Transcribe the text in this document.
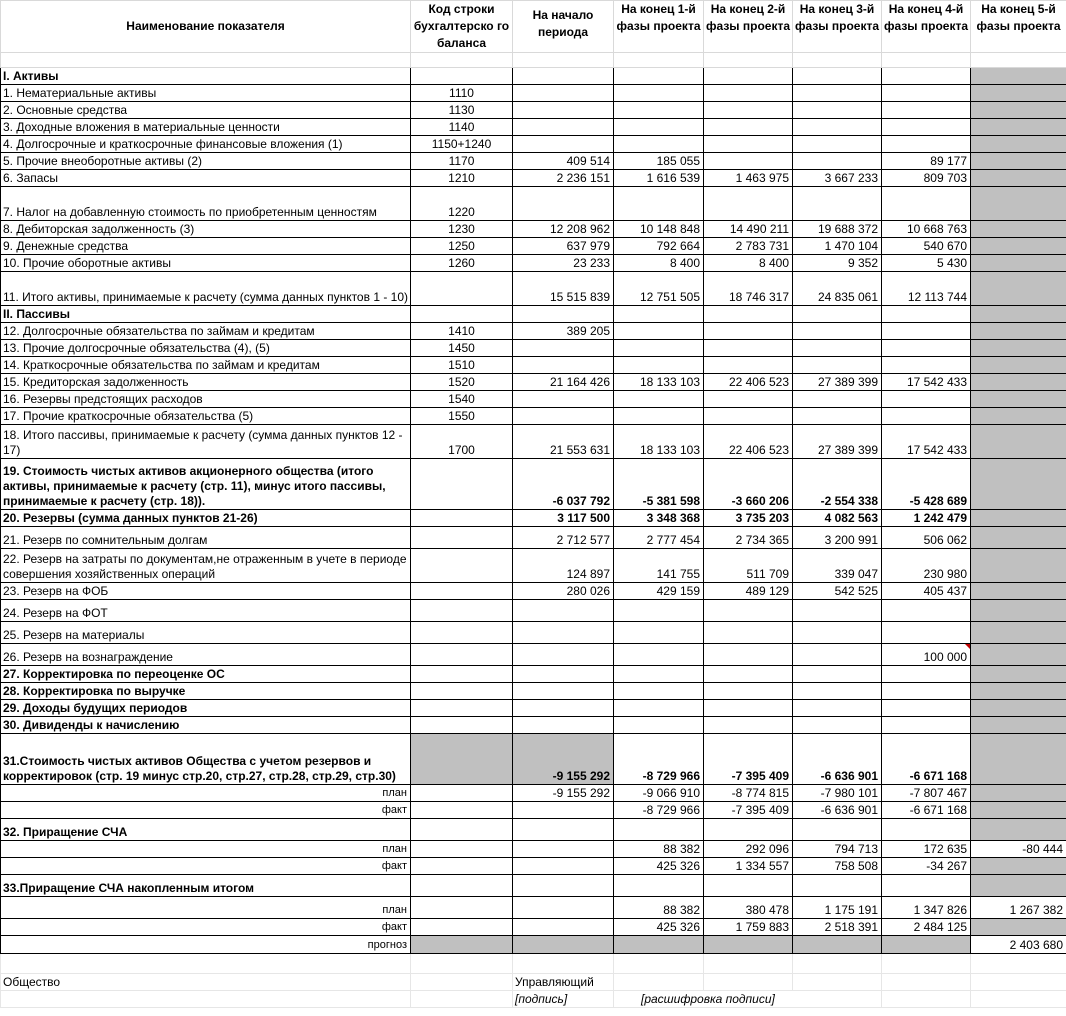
Наименование показателя	Код строки бухгалтерско го баланса	На начало периода	На конец 1-й фазы проекта	На конец 2-й фазы проекта	На конец 3-й фазы проекта	На конец 4-й фазы проекта	На конец 5-й фазы проекта

I. Активы							
1. Нематериальные активы	1110						
2. Основные средства	1130						
3. Доходные вложения в материальные ценности	1140						
4. Долгосрочные и краткосрочные финансовые вложения (1)	1150+1240						
5. Прочие внеоборотные активы (2)	1170	409 514	185 055			89 177	
6. Запасы	1210	2 236 151	1 616 539	1 463 975	3 667 233	809 703	
7. Налог на добавленную стоимость по приобретенным ценностям	1220						
8. Дебиторская задолженность (3)	1230	12 208 962	10 148 848	14 490 211	19 688 372	10 668 763	
9. Денежные средства	1250	637 979	792 664	2 783 731	1 470 104	540 670	
10. Прочие оборотные активы	1260	23 233	8 400	8 400	9 352	5 430	
11. Итого активы, принимаемые к расчету (сумма данных пунктов 1 - 10)		15 515 839	12 751 505	18 746 317	24 835 061	12 113 744	
II. Пассивы							
12. Долгосрочные обязательства по займам и кредитам	1410	389 205					
13. Прочие долгосрочные обязательства (4), (5)	1450						
14. Краткосрочные обязательства по займам и кредитам	1510						
15. Кредиторская задолженность	1520	21 164 426	18 133 103	22 406 523	27 389 399	17 542 433	
16. Резервы предстоящих расходов	1540						
17. Прочие краткосрочные обязательства (5)	1550						
18. Итого пассивы, принимаемые к расчету (сумма данных пунктов 12 - 17)	1700	21 553 631	18 133 103	22 406 523	27 389 399	17 542 433	
19. Стоимость чистых активов акционерного общества (итого активы, принимаемые к расчету (стр. 11), минус итого пассивы, принимаемые к расчету (стр. 18)).		-6 037 792	-5 381 598	-3 660 206	-2 554 338	-5 428 689	
20. Резервы (сумма данных пунктов 21-26)		3 117 500	3 348 368	3 735 203	4 082 563	1 242 479	
21. Резерв по сомнительным долгам		2 712 577	2 777 454	2 734 365	3 200 991	506 062	
22. Резерв на затраты по документам,не отраженным в учете в периоде совершения хозяйственных операций		124 897	141 755	511 709	339 047	230 980	
23. Резерв на ФОБ		280 026	429 159	489 129	542 525	405 437	
24. Резерв на ФОТ							
25. Резерв на материалы							
26. Резерв на вознаграждение						100 000	
27. Корректировка по переоценке ОС							
28. Корректировка по выручке							
29. Доходы будущих периодов							
30. Дивиденды к начислению							
31.Стоимость чистых активов Общества с учетом резервов и корректировок (стр. 19 минус стр.20, стр.27, стр.28, стр.29, стр.30)		-9 155 292	-8 729 966	-7 395 409	-6 636 901	-6 671 168	
план		-9 155 292	-9 066 910	-8 774 815	-7 980 101	-7 807 467	
факт			-8 729 966	-7 395 409	-6 636 901	-6 671 168	
32. Приращение СЧА							
план			88 382	292 096	794 713	172 635	-80 444
факт			425 326	1 334 557	758 508	-34 267	
33.Приращение СЧА накопленным итогом							
план			88 382	380 478	1 175 191	1 347 826	1 267 382
факт			425 326	1 759 883	2 518 391	2 484 125	
прогноз							2 403 680

Общество		Управляющий					
		[подпись]	[расшифровка подписи]				
